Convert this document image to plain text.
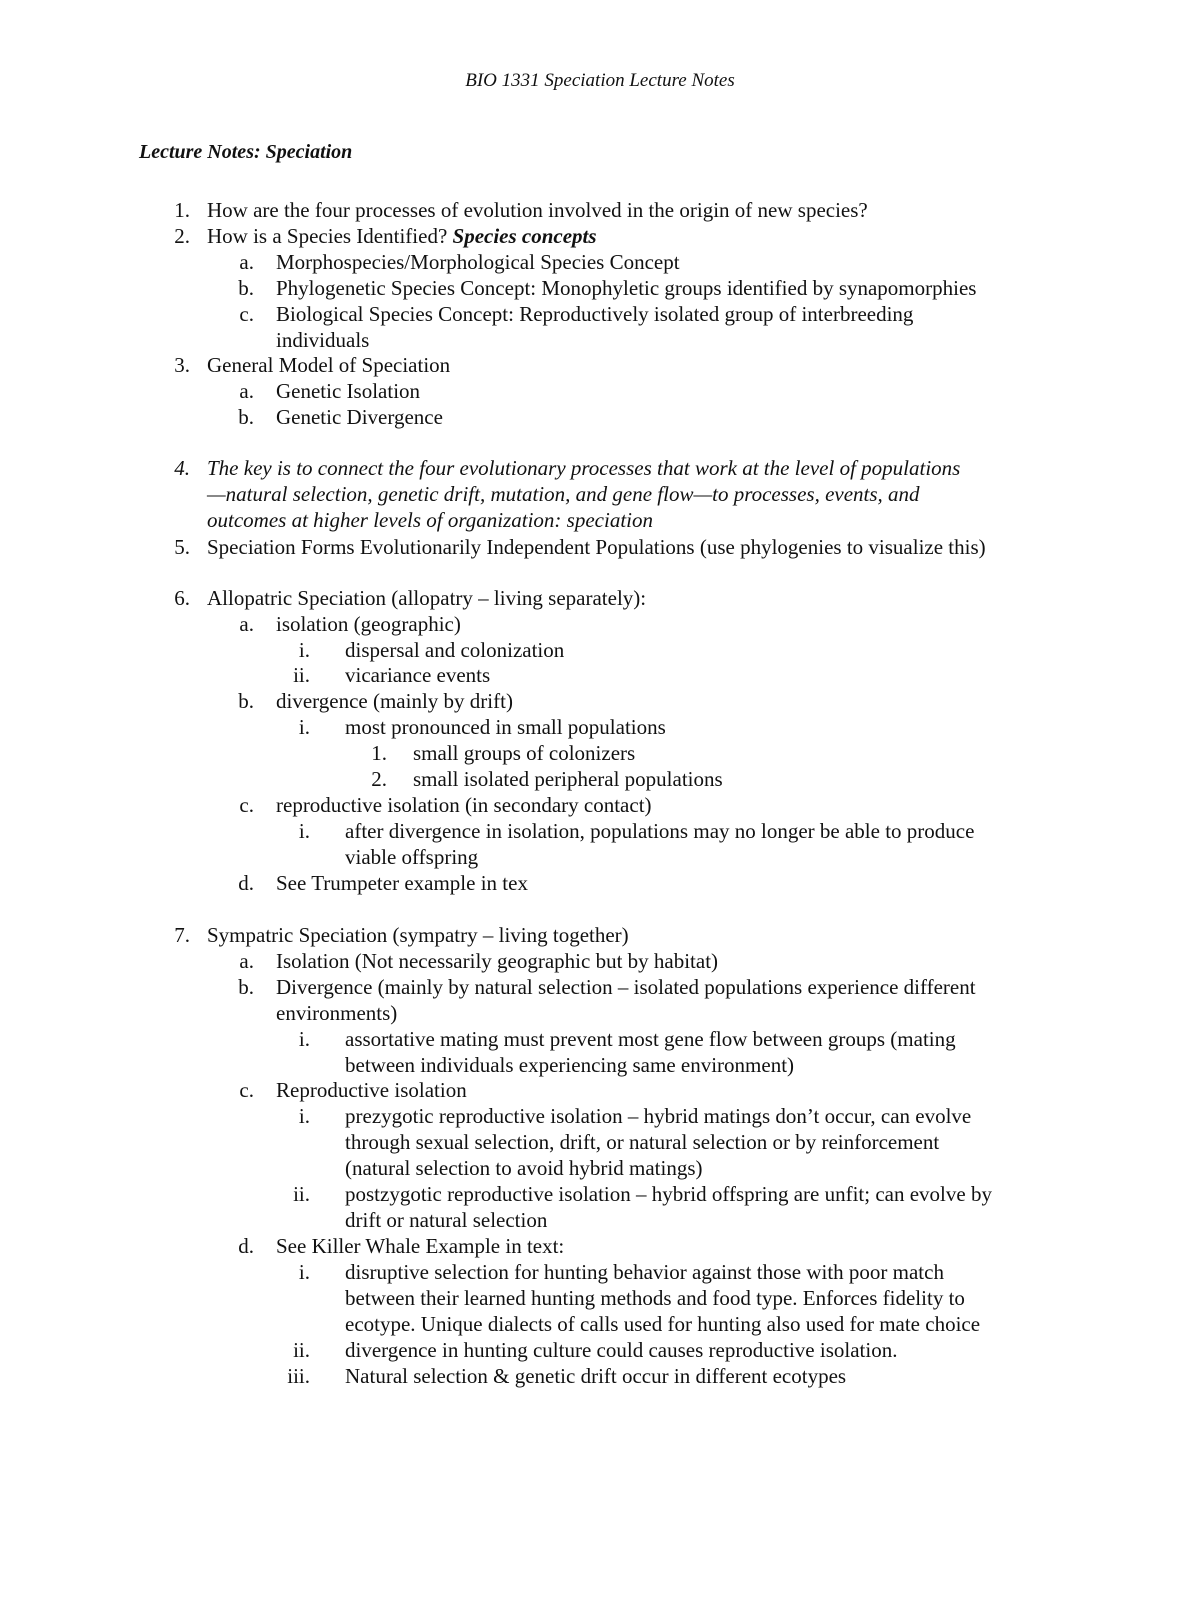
BIO 1331 Speciation Lecture Notes
Lecture Notes: Speciation
1. How are the four processes of evolution involved in the origin of new species?
2. How is a Species Identified? Species concepts
a. Morphospecies/Morphological Species Concept
b. Phylogenetic Species Concept: Monophyletic groups identified by synapomorphies
c. Biological Species Concept: Reproductively isolated group of interbreeding
individuals
3. General Model of Speciation
a. Genetic Isolation
b. Genetic Divergence
4. The key is to connect the four evolutionary processes that work at the level of populations
—natural selection, genetic drift, mutation, and gene flow—to processes, events, and
outcomes at higher levels of organization: speciation
5. Speciation Forms Evolutionarily Independent Populations (use phylogenies to visualize this)
6. Allopatric Speciation (allopatry – living separately):
a. isolation (geographic)
i. dispersal and colonization
ii. vicariance events
b. divergence (mainly by drift)
i. most pronounced in small populations
1. small groups of colonizers
2. small isolated peripheral populations
c. reproductive isolation (in secondary contact)
i. after divergence in isolation, populations may no longer be able to produce
viable offspring
d. See Trumpeter example in tex
7. Sympatric Speciation (sympatry – living together)
a. Isolation (Not necessarily geographic but by habitat)
b. Divergence (mainly by natural selection – isolated populations experience different
environments)
i. assortative mating must prevent most gene flow between groups (mating
between individuals experiencing same environment)
c. Reproductive isolation
i. prezygotic reproductive isolation – hybrid matings don’t occur, can evolve
through sexual selection, drift, or natural selection or by reinforcement
(natural selection to avoid hybrid matings)
ii. postzygotic reproductive isolation – hybrid offspring are unfit; can evolve by
drift or natural selection
d. See Killer Whale Example in text:
i. disruptive selection for hunting behavior against those with poor match
between their learned hunting methods and food type. Enforces fidelity to
ecotype. Unique dialects of calls used for hunting also used for mate choice
ii. divergence in hunting culture could causes reproductive isolation.
iii. Natural selection & genetic drift occur in different ecotypes
